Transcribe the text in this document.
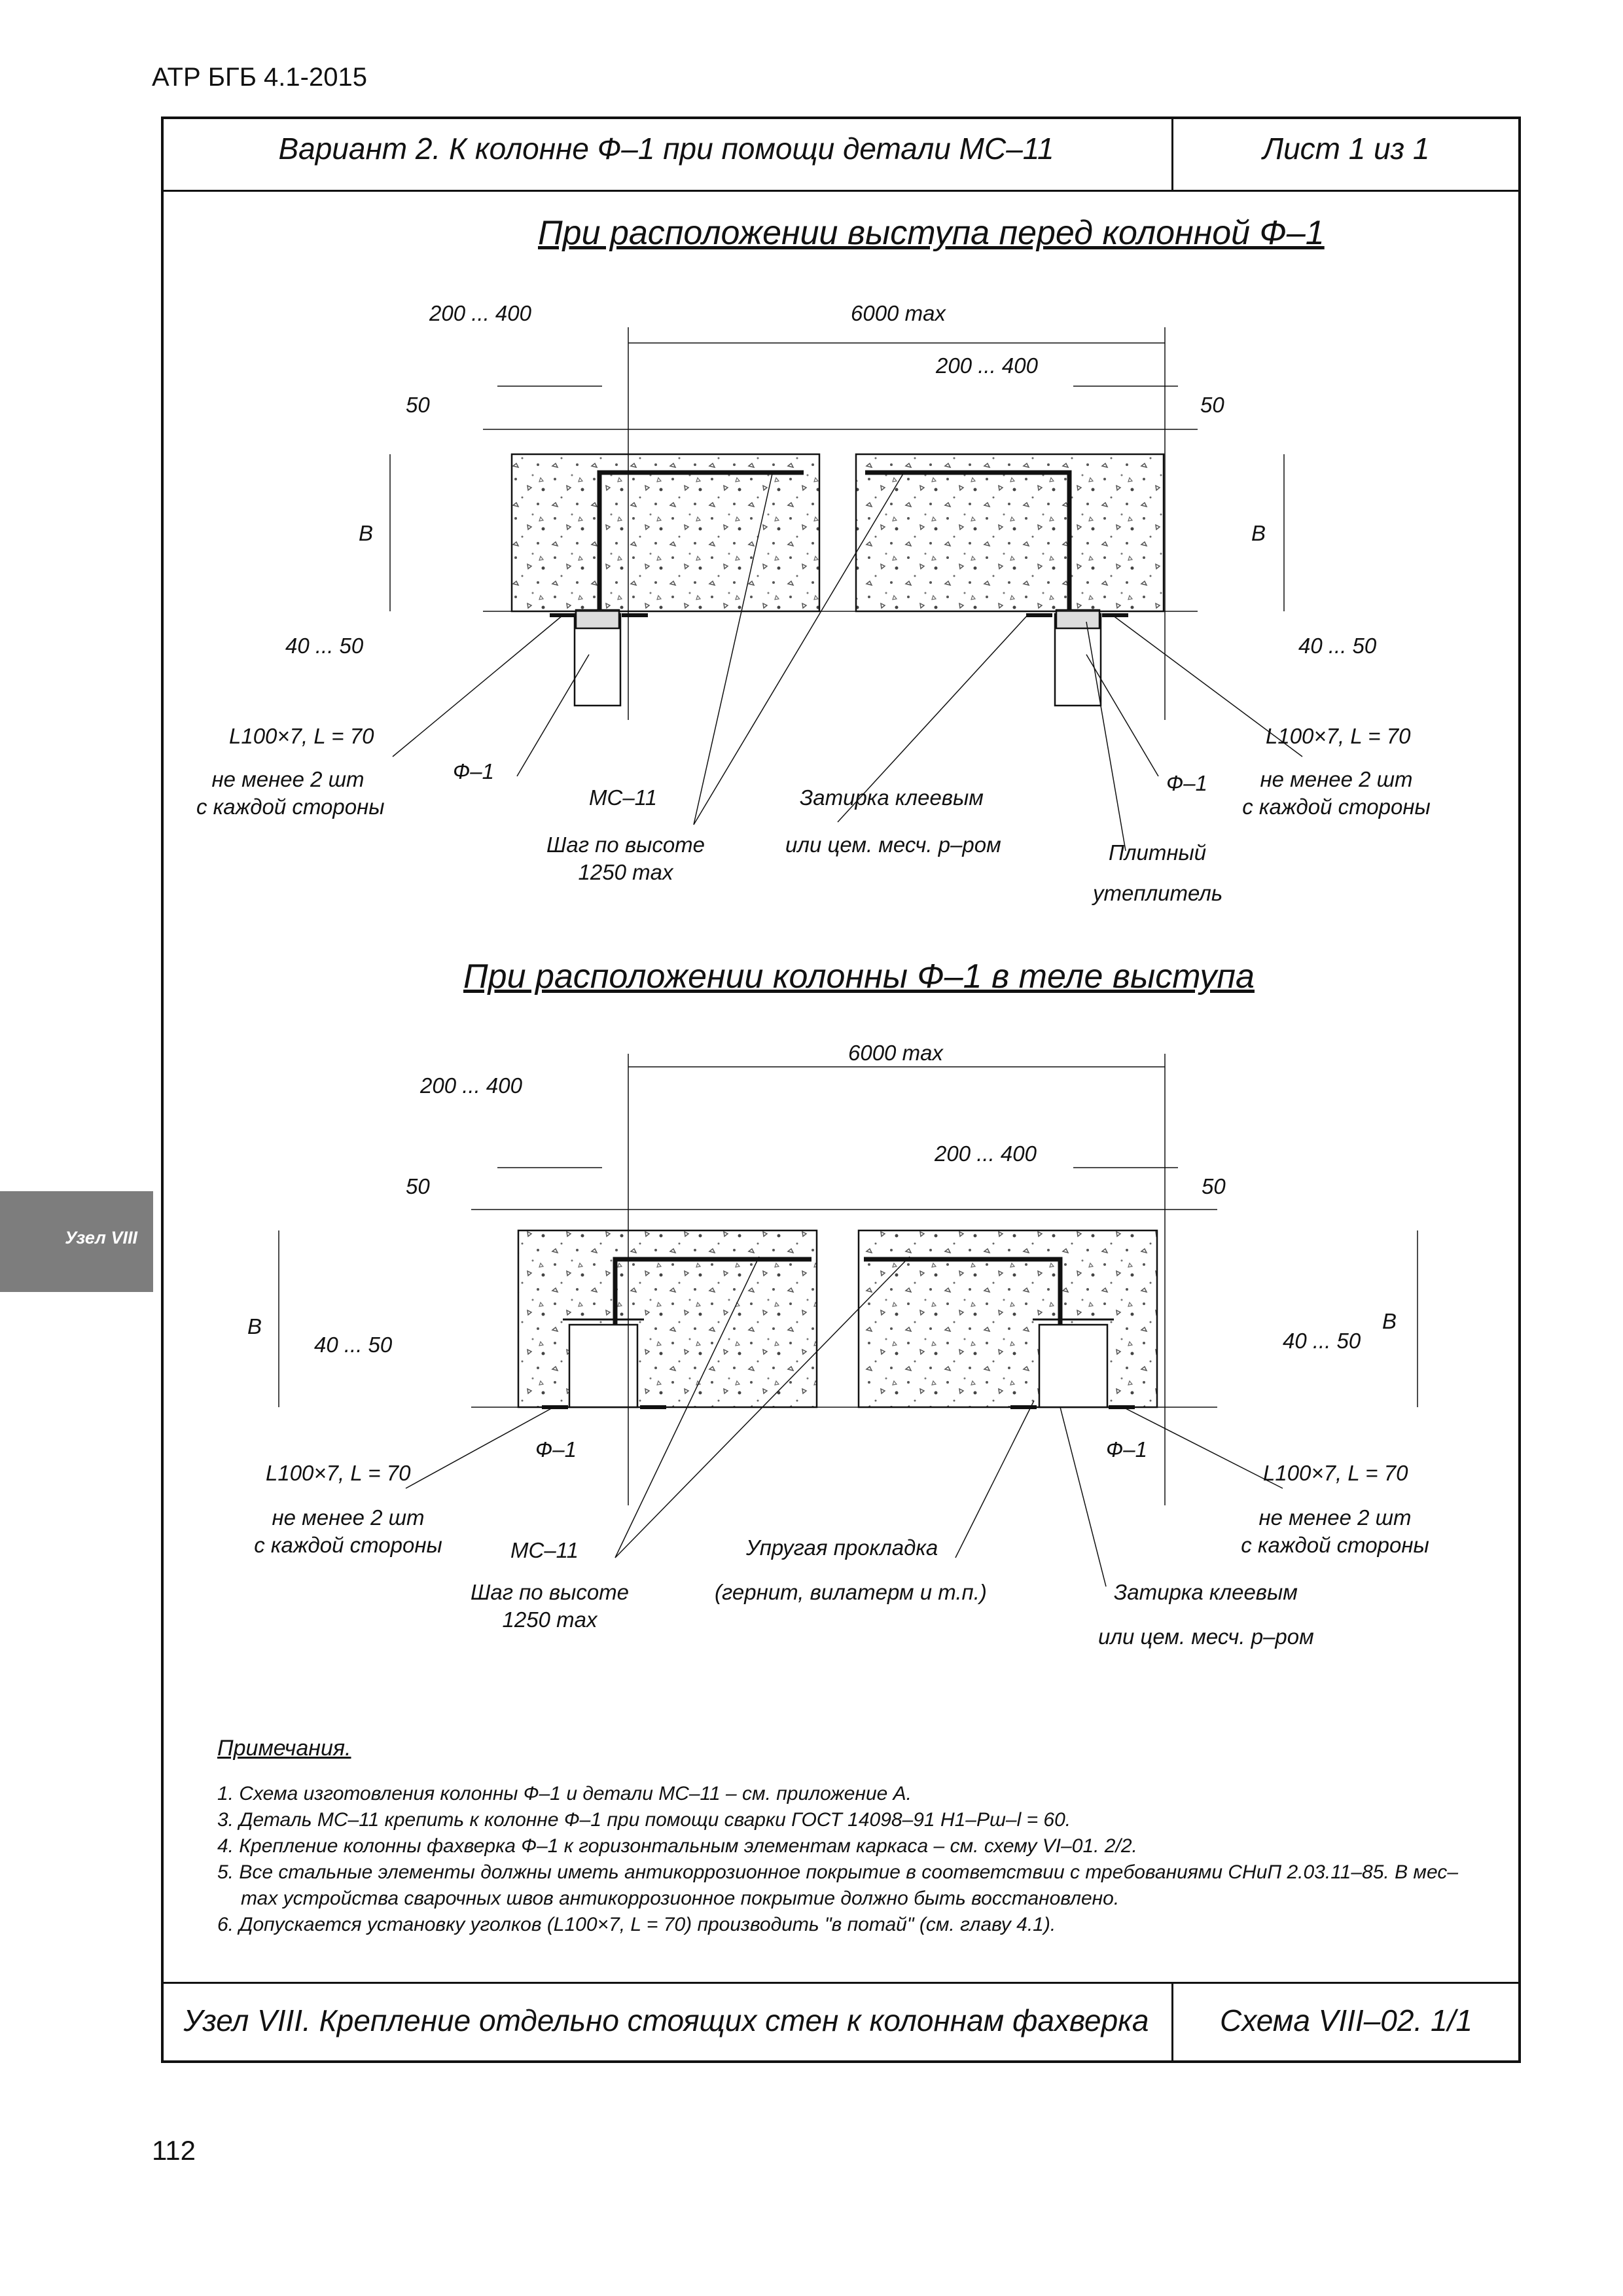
АТР БГБ 4.1-2015
Узел VIII
112
Вариант 2. К колонне Ф–1 при помощи детали МС–11	Лист 1 из 1
Узел VIII. Крепление отдельно стоящих стен к колоннам фахверка	Схема VIII–02. 1/1
При расположении выступа перед колонной Ф–1
200 ... 400	6000 max
200 ... 400
50	50
B	B
40 ... 50	40 ... 50
L100×7, L = 70	L100×7, L = 70
не менее 2 шт
с каждой стороны
не менее 2 шт
с каждой стороны
Ф–1	Ф–1
МС–11
Шаг по высоте
1250 max
Затирка клеевым
или цем. месч. р–ром	Плитный
утеплитель
При расположении колонны Ф–1 в теле выступа
6000 max
200 ... 400
200 ... 400
50	50
B	B
40 ... 50	40 ... 50
L100×7, L = 70	L100×7, L = 70
не менее 2 шт
с каждой стороны
не менее 2 шт
с каждой стороны
Ф–1	Ф–1
МС–11
Шаг по высоте
1250 max
Упругая прокладка
(гернит, вилатерм и т.п.)	Затирка клеевым
или цем. месч. р–ром
Примечания.
1. Схема изготовления колонны Ф–1 и детали МС–11 – см. приложение А.
3. Деталь МС–11 крепить к колонне Ф–1 при помощи сварки ГОСТ 14098–91 Н1–Рш–l = 60.
4. Крепление колонны фахверка Ф–1 к горизонтальным элементам каркаса – см. схему VI–01. 2/2.
5. Все стальные элементы должны иметь антикоррозионное покрытие в соответствии с требованиями СНиП 2.03.11–85. В мес–
тах устройства сварочных швов антикоррозионное покрытие должно быть восстановлено.
6. Допускается установку уголков (L100×7, L = 70) производить "в потай" (см. главу 4.1).
